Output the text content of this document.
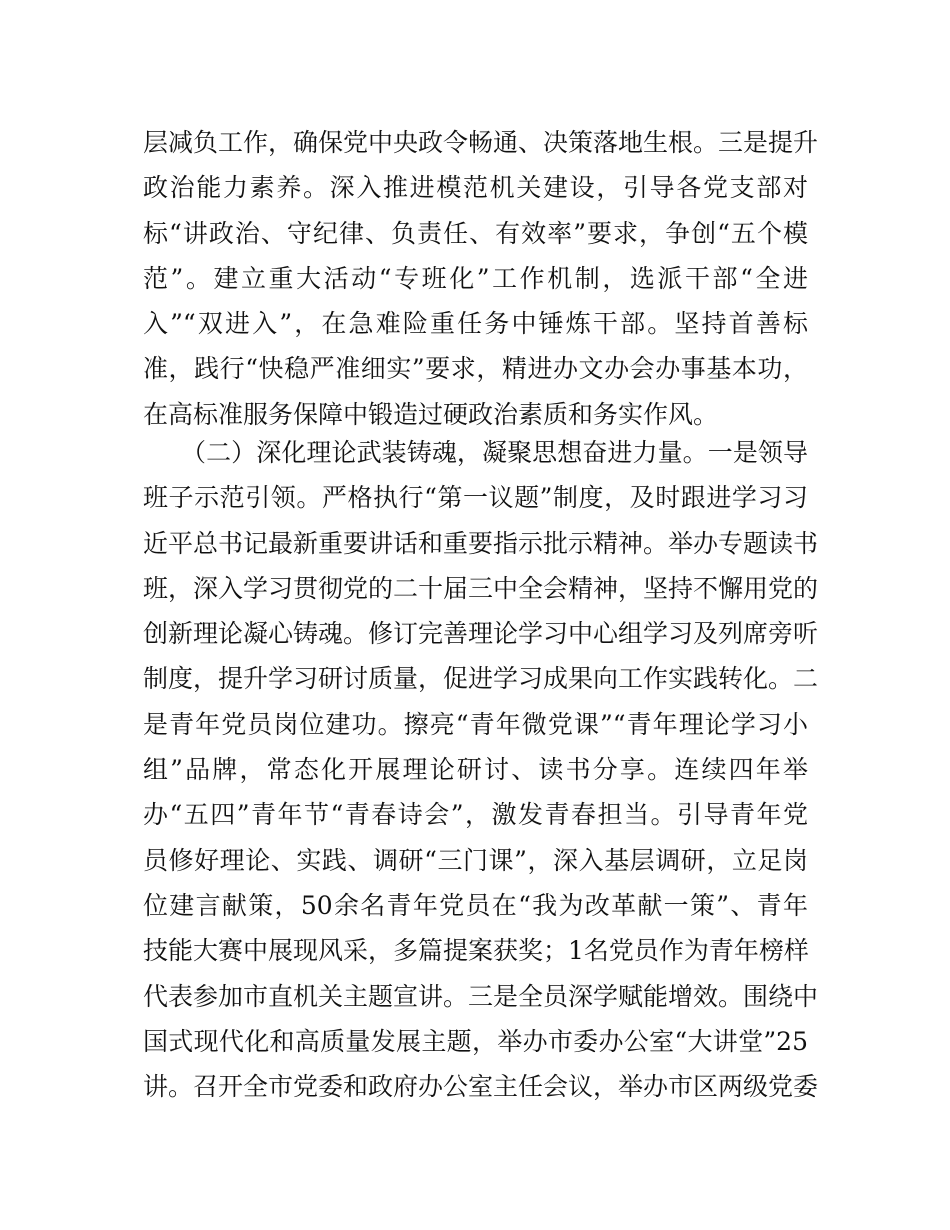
层减负工作，确保党中央政令畅通、决策落地生根。三是提升
政治能力素养。深入推进模范机关建设，引导各党支部对
标“讲政治、守纪律、负责任、有效率”要求，争创“五个模
范”。建立重大活动“专班化”工作机制，选派干部“全进
入”“双进入”，在急难险重任务中锤炼干部。坚持首善标
准，践行“快稳严准细实”要求，精进办文办会办事基本功，
在高标准服务保障中锻造过硬政治素质和务实作风。
（二）深化理论武装铸魂，凝聚思想奋进力量。一是领导
班子示范引领。严格执行“第一议题”制度，及时跟进学习习
近平总书记最新重要讲话和重要指示批示精神。举办专题读书
班，深入学习贯彻党的二十届三中全会精神，坚持不懈用党的
创新理论凝心铸魂。修订完善理论学习中心组学习及列席旁听
制度，提升学习研讨质量，促进学习成果向工作实践转化。二
是青年党员岗位建功。擦亮“青年微党课”“青年理论学习小
组”品牌，常态化开展理论研讨、读书分享。连续四年举
办“五四”青年节“青春诗会”，激发青春担当。引导青年党
员修好理论、实践、调研“三门课”，深入基层调研，立足岗
位建言献策，50余名青年党员在“我为改革献一策”、青年
技能大赛中展现风采，多篇提案获奖；1名党员作为青年榜样
代表参加市直机关主题宣讲。三是全员深学赋能增效。围绕中
国式现代化和高质量发展主题，举办市委办公室“大讲堂”25
讲。召开全市党委和政府办公室主任会议，举办市区两级党委
